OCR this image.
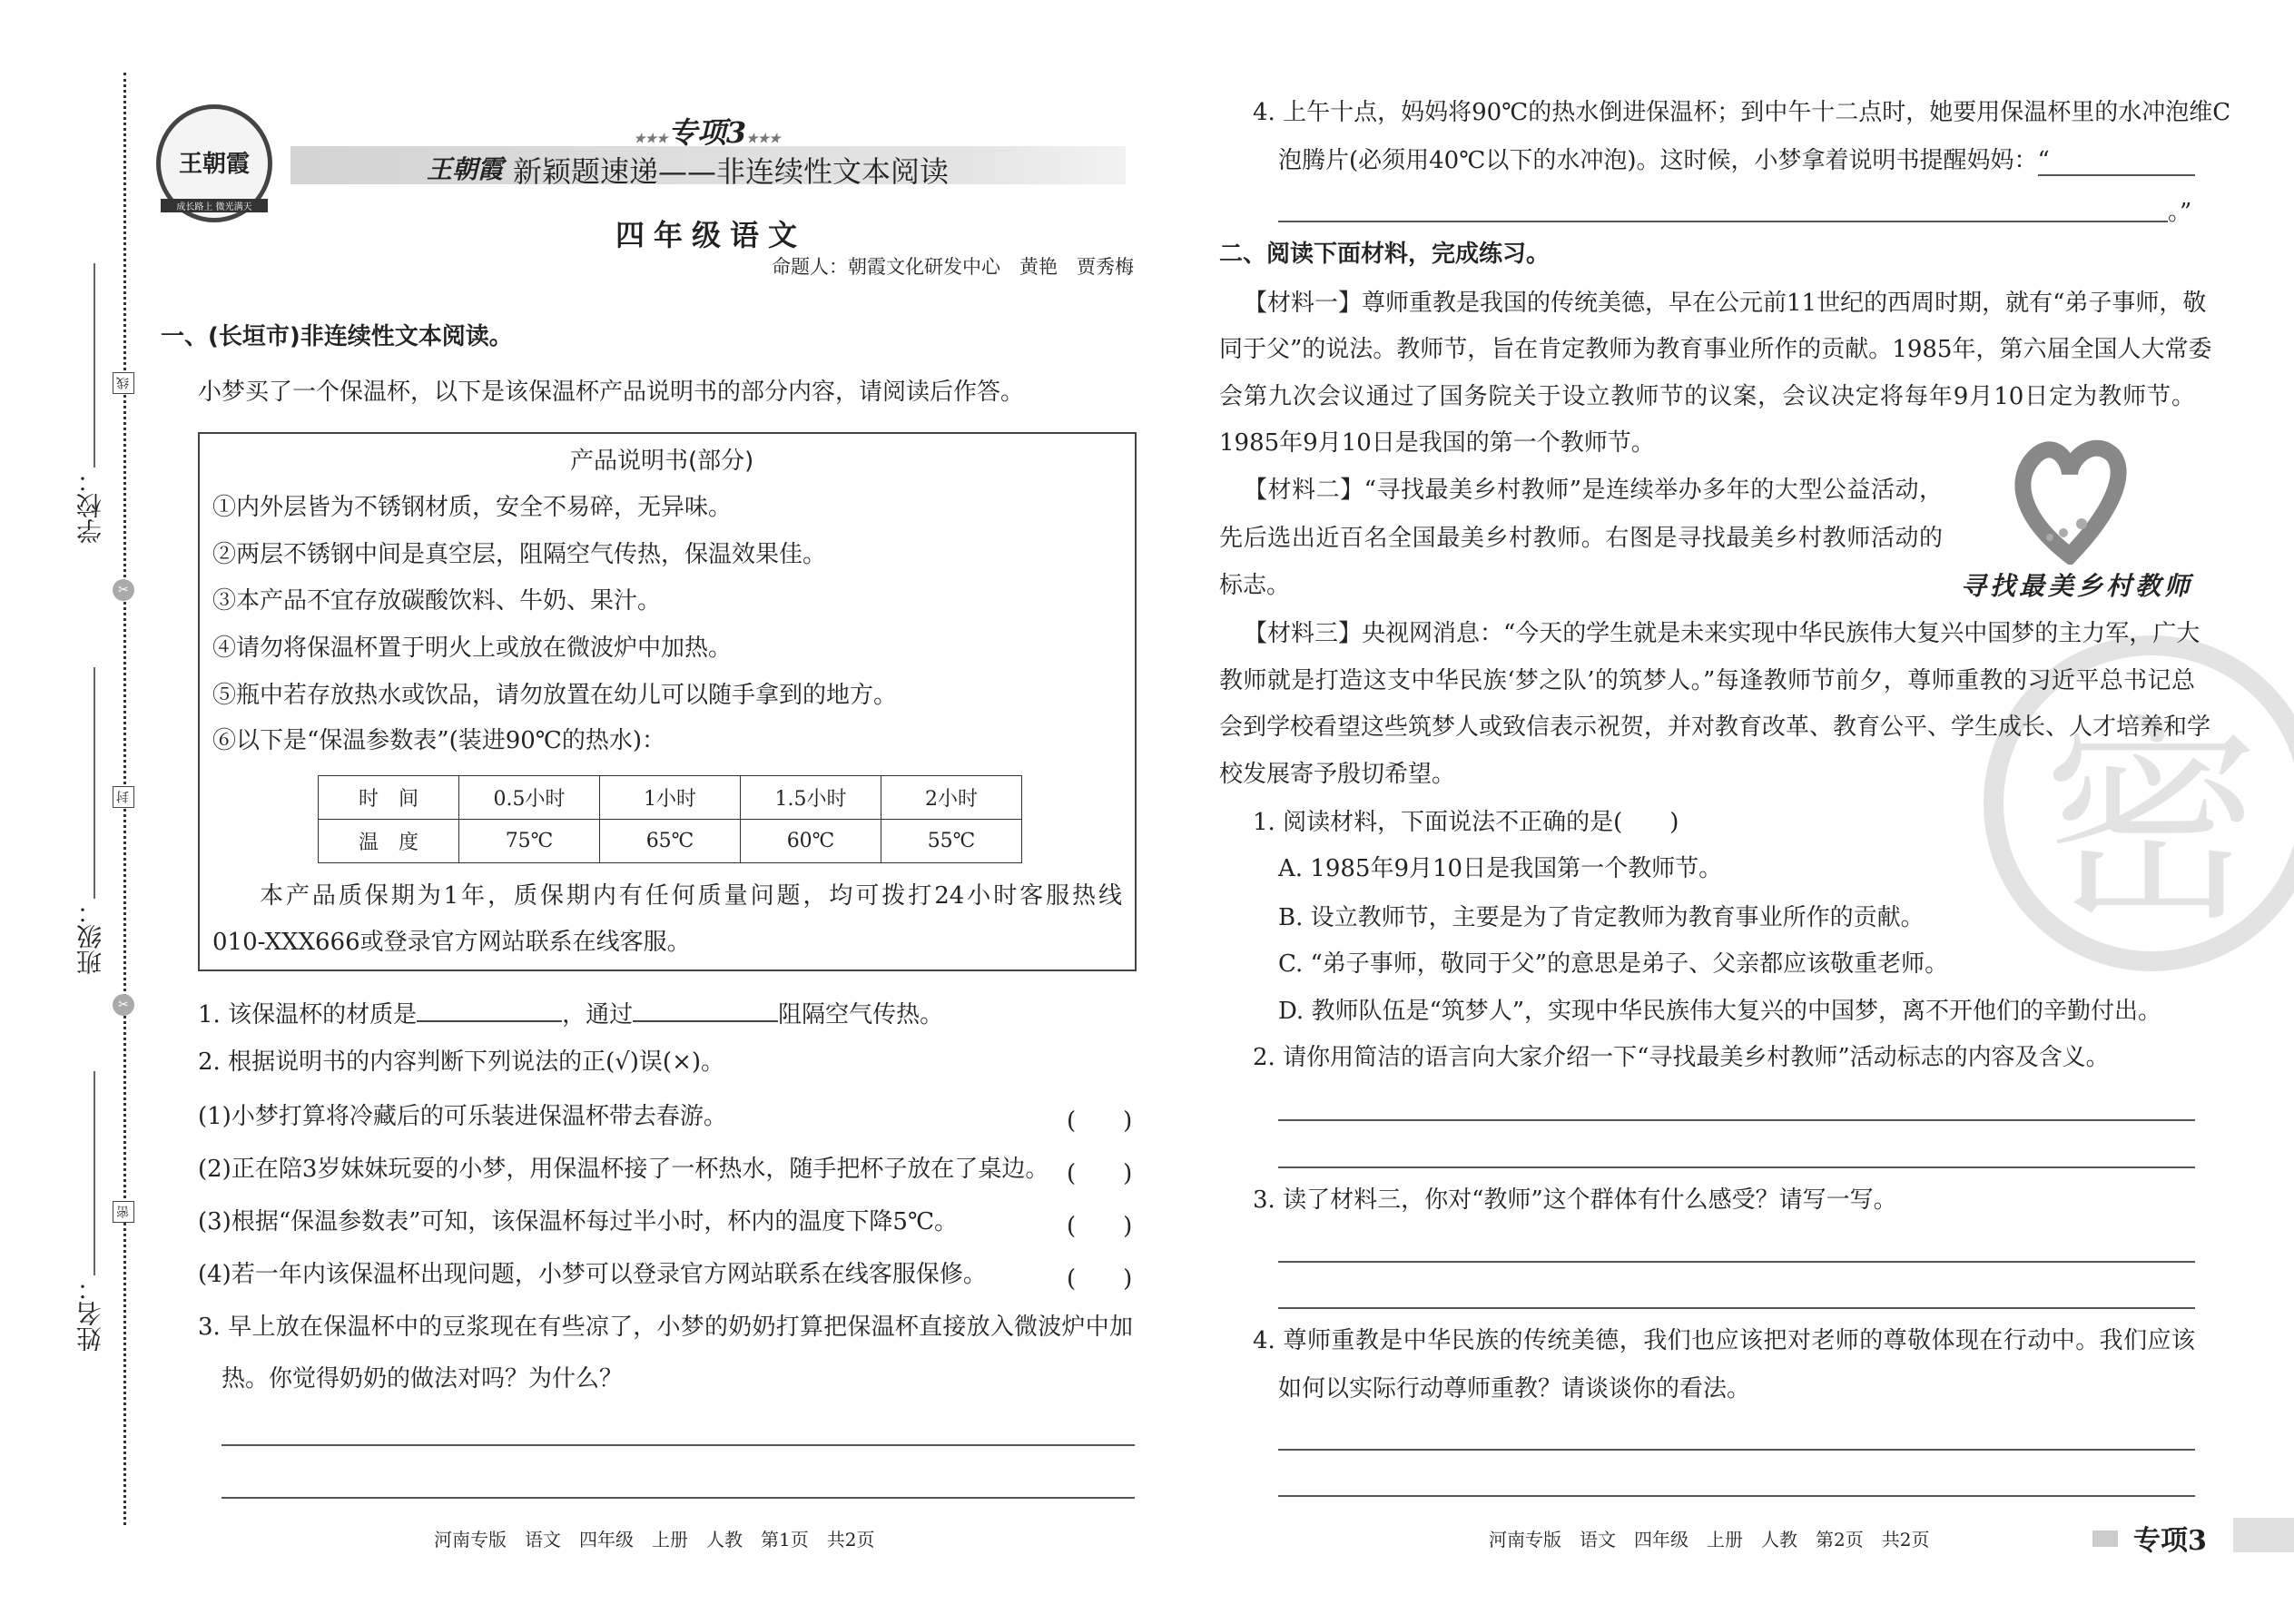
学校：
班级：
姓名：
线
封
密
✂
✂
王朝霞
成长路上 微光满天
★★★专项3★★★
王朝霞 新颖题速递——非连续性文本阅读
四年级语文
命题人：朝霞文化研发中心　黄艳　贾秀梅
一、(长垣市)非连续性文本阅读。
小梦买了一个保温杯，以下是该保温杯产品说明书的部分内容，请阅读后作答。
产品说明书(部分)
①内外层皆为不锈钢材质，安全不易碎，无异味。
②两层不锈钢中间是真空层，阻隔空气传热，保温效果佳。
③本产品不宜存放碳酸饮料、牛奶、果汁。
④请勿将保温杯置于明火上或放在微波炉中加热。
⑤瓶中若存放热水或饮品，请勿放置在幼儿可以随手拿到的地方。
⑥以下是“保温参数表”(装进90℃的热水)：
时　间	0.5小时	1小时	1.5小时	2小时
温　度	75℃	65℃	60℃	55℃
本产品质保期为1年，质保期内有任何质量问题，均可拨打24小时客服热线
010-XXX666或登录官方网站联系在线客服。
1. 该保温杯的材质是	，通过	阻隔空气传热。
2. 根据说明书的内容判断下列说法的正(√)误(×)。
(1)小梦打算将冷藏后的可乐装进保温杯带去春游。
(2)正在陪3岁妹妹玩耍的小梦，用保温杯接了一杯热水，随手把杯子放在了桌边。
(3)根据“保温参数表”可知，该保温杯每过半小时，杯内的温度下降5℃。
(4)若一年内该保温杯出现问题，小梦可以登录官方网站联系在线客服保修。
(　　)
(　　)
(　　)
(　　)
3. 早上放在保温杯中的豆浆现在有些凉了，小梦的奶奶打算把保温杯直接放入微波炉中加
热。你觉得奶奶的做法对吗？为什么？
河南专版　语文　四年级　上册　人教　第1页　共2页
4. 上午十点，妈妈将90℃的热水倒进保温杯；到中午十二点时，她要用保温杯里的水冲泡维C
泡腾片(必须用40℃以下的水冲泡)。这时候，小梦拿着说明书提醒妈妈：“
。”
二、阅读下面材料，完成练习。
【材料一】尊师重教是我国的传统美德，早在公元前11世纪的西周时期，就有“弟子事师，敬
同于父”的说法。教师节，旨在肯定教师为教育事业所作的贡献。1985年，第六届全国人大常委
会第九次会议通过了国务院关于设立教师节的议案，会议决定将每年9月10日定为教师节。
1985年9月10日是我国的第一个教师节。
【材料二】“寻找最美乡村教师”是连续举办多年的大型公益活动，
先后选出近百名全国最美乡村教师。右图是寻找最美乡村教师活动的
标志。	寻找最美乡村教师
密
【材料三】央视网消息：“今天的学生就是未来实现中华民族伟大复兴中国梦的主力军，广大
教师就是打造这支中华民族‘梦之队’的筑梦人。”每逢教师节前夕，尊师重教的习近平总书记总
会到学校看望这些筑梦人或致信表示祝贺，并对教育改革、教育公平、学生成长、人才培养和学
校发展寄予殷切希望。
1. 阅读材料，下面说法不正确的是(　　)
A. 1985年9月10日是我国第一个教师节。
B. 设立教师节，主要是为了肯定教师为教育事业所作的贡献。
C. “弟子事师，敬同于父”的意思是弟子、父亲都应该敬重老师。
D. 教师队伍是“筑梦人”，实现中华民族伟大复兴的中国梦，离不开他们的辛勤付出。
2. 请你用简洁的语言向大家介绍一下“寻找最美乡村教师”活动标志的内容及含义。
3. 读了材料三，你对“教师”这个群体有什么感受？请写一写。
4. 尊师重教是中华民族的传统美德，我们也应该把对老师的尊敬体现在行动中。我们应该
如何以实际行动尊师重教？请谈谈你的看法。
河南专版　语文　四年级　上册　人教　第2页　共2页	专项3
